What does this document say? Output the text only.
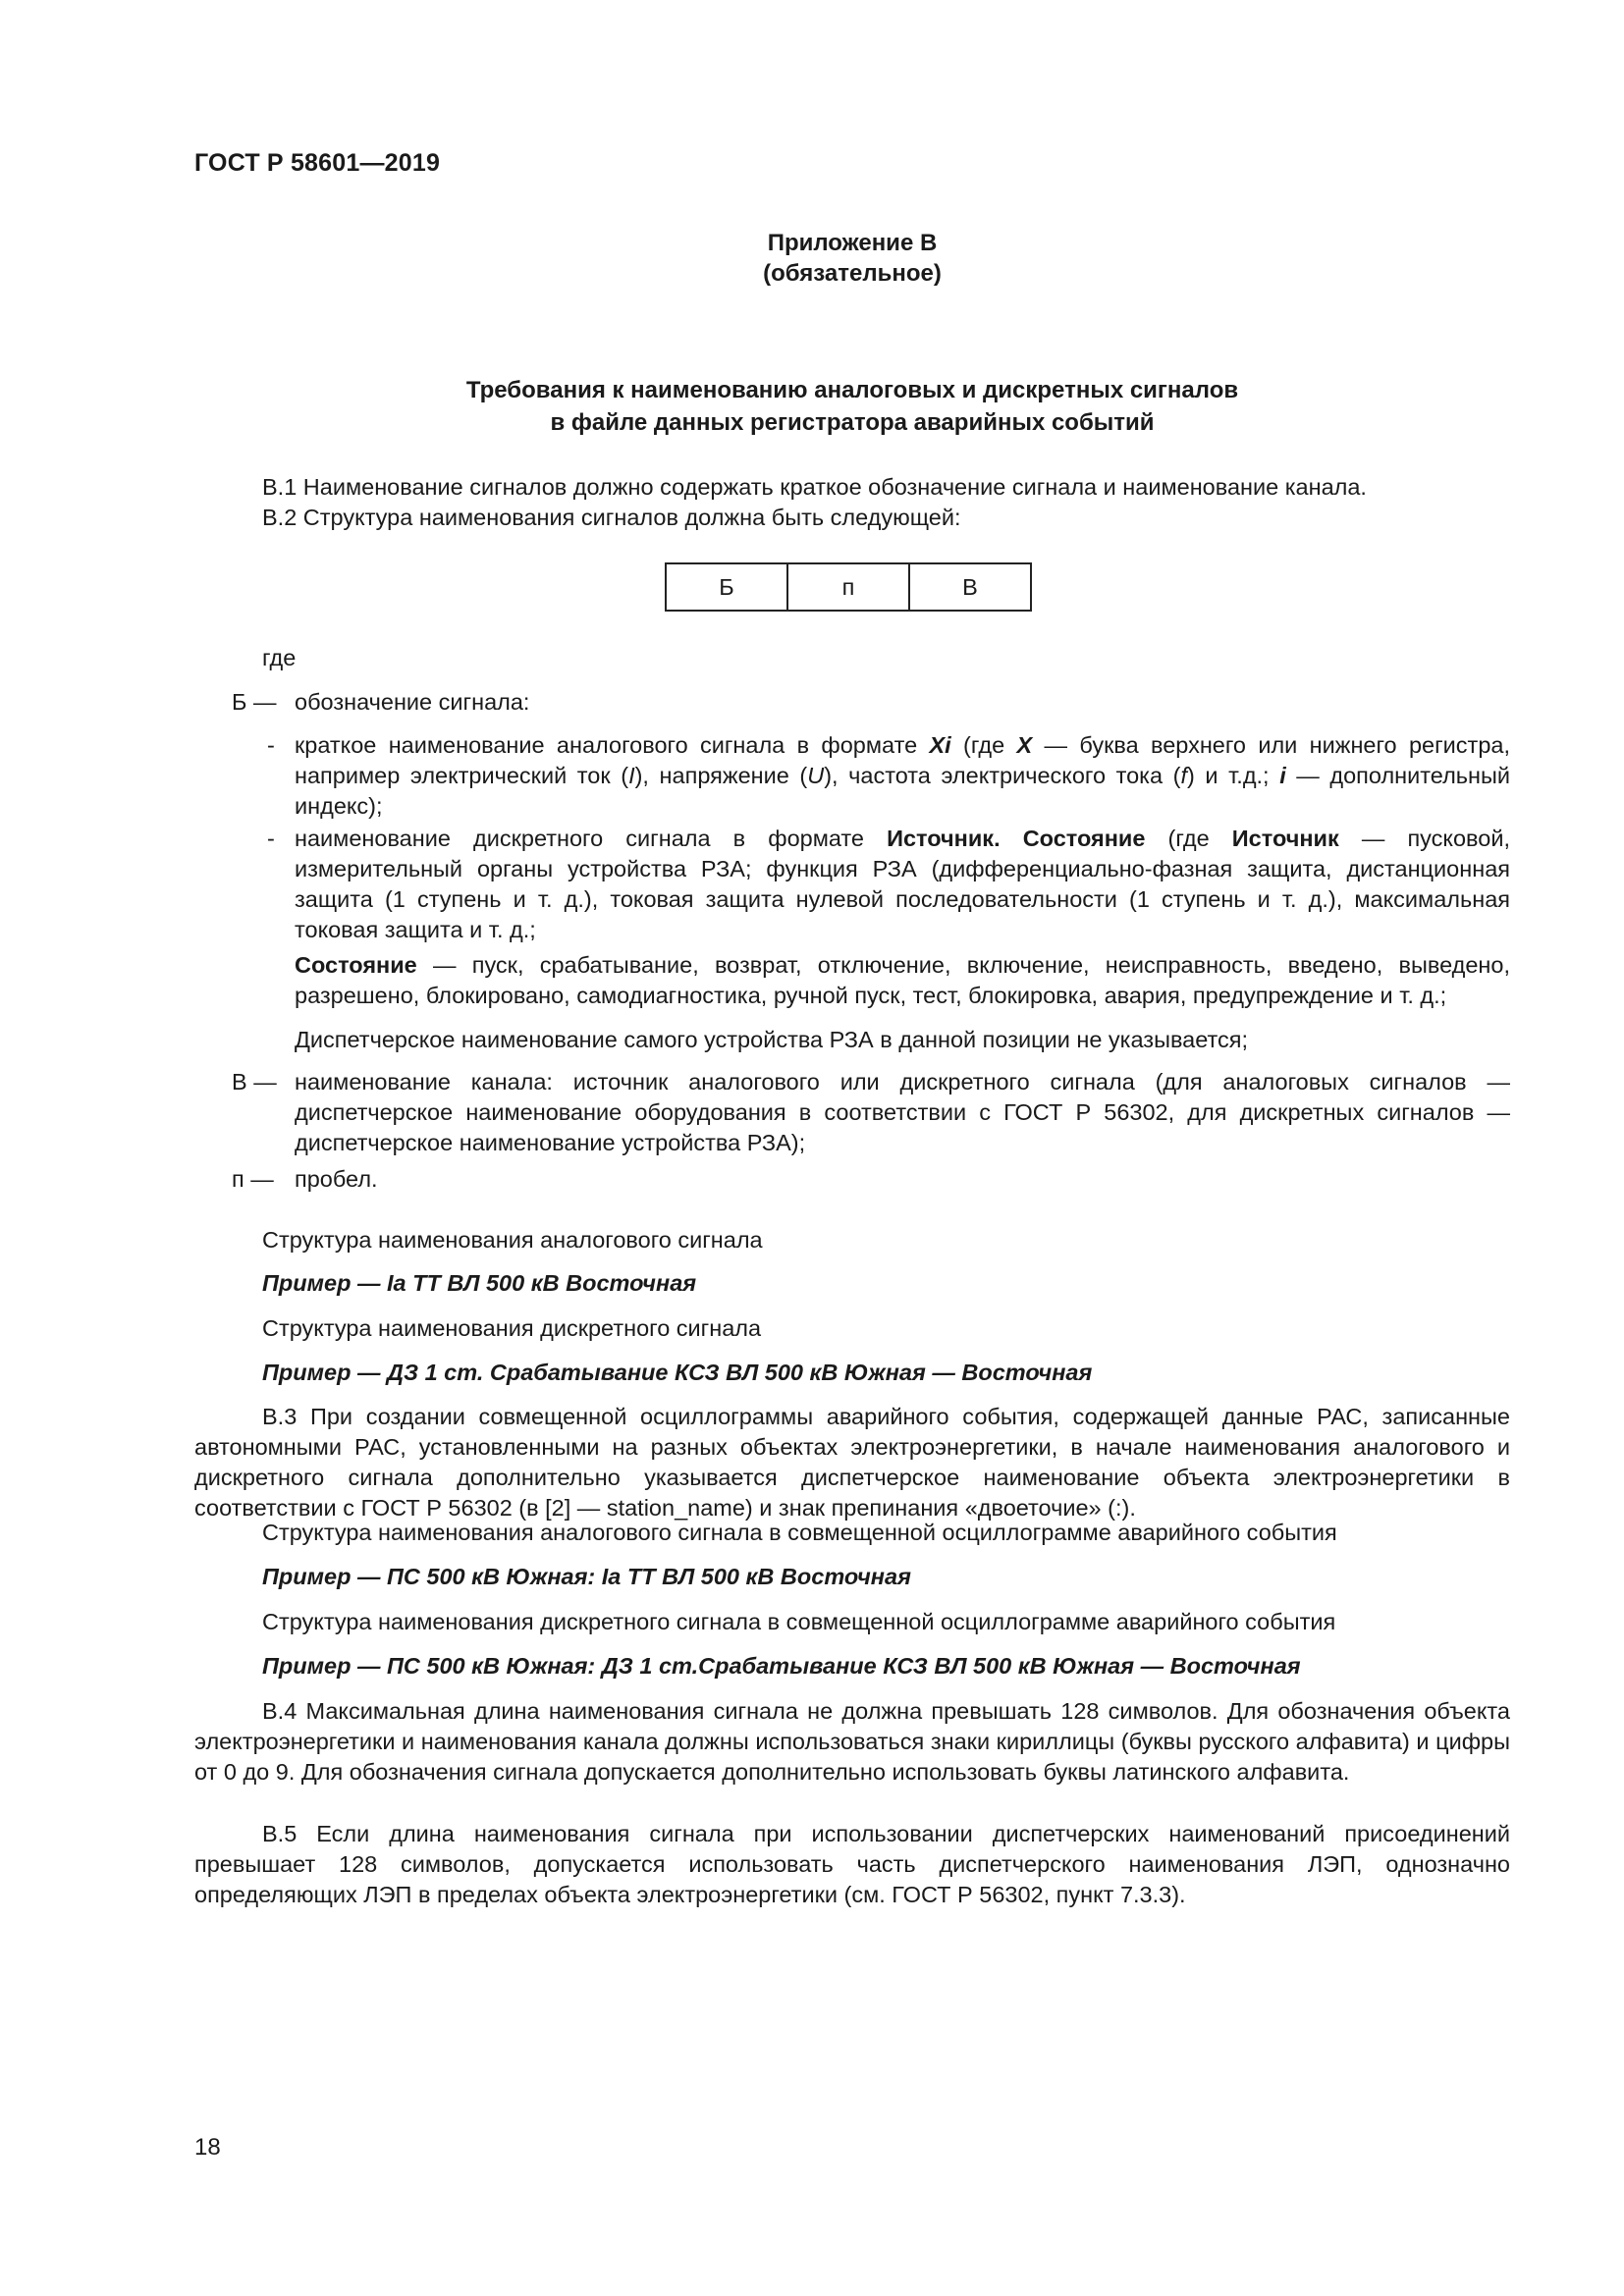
ГОСТ Р 58601—2019
Приложение В
(обязательное)
Требования к наименованию аналоговых и дискретных сигналов
в файле данных регистратора аварийных событий
В.1 Наименование сигналов должно содержать краткое обозначение сигнала и наименование канала.
В.2 Структура наименования сигналов должна быть следующей:
Б	п	В
где
Б — обозначение сигнала:
- краткое наименование аналогового сигнала в формате Xi (где X — буква верхнего или нижнего регистра, например электрический ток (I), напряжение (U), частота электрического тока (f) и т.д.; i — дополнительный индекс);
- наименование дискретного сигнала в формате Источник. Состояние (где Источник — пусковой, измерительный органы устройства РЗА; функция РЗА (дифференциально-фазная защита, дистанционная защита (1 ступень и т. д.), токовая защита нулевой последовательности (1 ступень и т. д.), максимальная токовая защита и т. д.;
Состояние — пуск, срабатывание, возврат, отключение, включение, неисправность, введено, выведено, разрешено, блокировано, самодиагностика, ручной пуск, тест, блокировка, авария, предупреждение и т. д.;
Диспетчерское наименование самого устройства РЗА в данной позиции не указывается;
В — наименование канала: источник аналогового или дискретного сигнала (для аналоговых сигналов — диспетчерское наименование оборудования в соответствии с ГОСТ Р 56302, для дискретных сигналов — диспетчерское наименование устройства РЗА);
п — пробел.
Структура наименования аналогового сигнала
Пример — Ia ТТ ВЛ 500 кВ Восточная
Структура наименования дискретного сигнала
Пример — ДЗ 1 ст. Срабатывание КСЗ ВЛ 500 кВ Южная — Восточная
В.3 При создании совмещенной осциллограммы аварийного события, содержащей данные РАС, записанные автономными РАС, установленными на разных объектах электроэнергетики, в начале наименования аналогового и дискретного сигнала дополнительно указывается диспетчерское наименование объекта электроэнергетики в соответствии с ГОСТ Р 56302 (в [2] — station_name) и знак препинания «двоеточие» (:).
Структура наименования аналогового сигнала в совмещенной осциллограмме аварийного события
Пример — ПС 500 кВ Южная: Ia ТТ ВЛ 500 кВ Восточная
Структура наименования дискретного сигнала в совмещенной осциллограмме аварийного события
Пример — ПС 500 кВ Южная: ДЗ 1 ст.Срабатывание КСЗ ВЛ 500 кВ Южная — Восточная
В.4 Максимальная длина наименования сигнала не должна превышать 128 символов. Для обозначения объекта электроэнергетики и наименования канала должны использоваться знаки кириллицы (буквы русского алфавита) и цифры от 0 до 9. Для обозначения сигнала допускается дополнительно использовать буквы латинского алфавита.
В.5 Если длина наименования сигнала при использовании диспетчерских наименований присоединений превышает 128 символов, допускается использовать часть диспетчерского наименования ЛЭП, однозначно определяющих ЛЭП в пределах объекта электроэнергетики (см. ГОСТ Р 56302, пункт 7.3.3).
18
